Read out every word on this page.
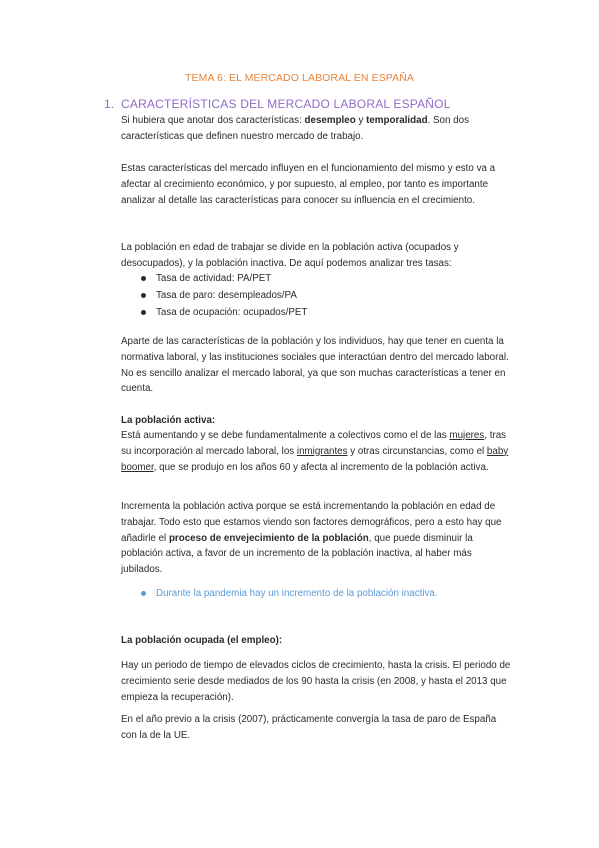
TEMA 6: EL MERCADO LABORAL EN ESPAÑA
1. CARACTERÍSTICAS DEL MERCADO LABORAL ESPAÑOL

Si hubiera que anotar dos características: desempleo y temporalidad. Son dos características que definen nuestro mercado de trabajo.

Estas características del mercado influyen en el funcionamiento del mismo y esto va a afectar al crecimiento económico, y por supuesto, al empleo, por tanto es importante analizar al detalle las características para conocer su influencia en el crecimiento.

La población en edad de trabajar se divide en la población activa (ocupados y desocupados), y la población inactiva. De aquí podemos analizar tres tasas:

Tasa de actividad: PA/PET
Tasa de paro: desempleados/PA
Tasa de ocupación: ocupados/PET

Aparte de las características de la población y los individuos, hay que tener en cuenta la normativa laboral, y las instituciones sociales que interactúan dentro del mercado laboral. No es sencillo analizar el mercado laboral, ya que son muchas características a tener en cuenta.

La población activa:

Está aumentando y se debe fundamentalmente a colectivos como el de las mujeres, tras su incorporación al mercado laboral, los inmigrantes y otras circunstancias, como el baby boomer, que se produjo en los años 60 y afecta al incremento de la población activa.

Incrementa la población activa porque se está incrementando la población en edad de trabajar. Todo esto que estamos viendo son factores demográficos, pero a esto hay que añadirle el proceso de envejecimiento de la población, que puede disminuir la población activa, a favor de un incremento de la población inactiva, al haber más jubilados.

Durante la pandemia hay un incremento de la población inactiva.

La población ocupada (el empleo):

Hay un periodo de tiempo de elevados ciclos de crecimiento, hasta la crisis. El periodo de crecimiento serie desde mediados de los 90 hasta la crisis (en 2008, y hasta el 2013 que empieza la recuperación).

En el año previo a la crisis (2007), prácticamente convergía la tasa de paro de España con la de la UE.
